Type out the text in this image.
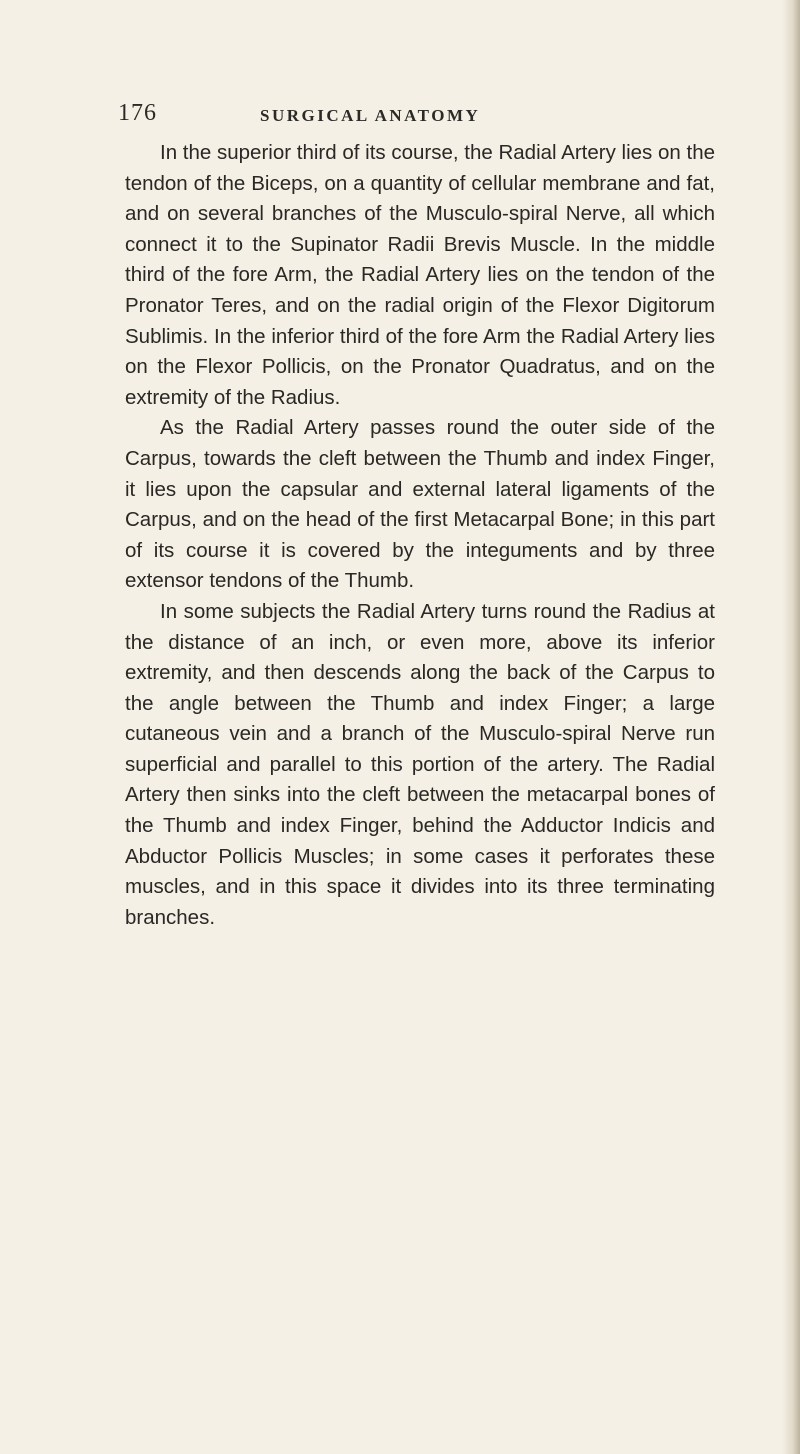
176	SURGICAL ANATOMY

In the superior third of its course, the Radial Artery lies on the tendon of the Biceps, on a quantity of cellular membrane and fat, and on several branches of the Musculo-spiral Nerve, all which connect it to the Supinator Radii Brevis Muscle. In the middle third of the fore Arm, the Radial Artery lies on the tendon of the Pronator Teres, and on the radial origin of the Flexor Digitorum Sublimis. In the inferior third of the fore Arm the Radial Artery lies on the Flexor Pollicis, on the Pronator Quadratus, and on the extremity of the Radius.

As the Radial Artery passes round the outer side of the Carpus, towards the cleft between the Thumb and index Finger, it lies upon the capsular and external lateral ligaments of the Carpus, and on the head of the first Metacarpal Bone; in this part of its course it is covered by the integuments and by three extensor tendons of the Thumb.

In some subjects the Radial Artery turns round the Radius at the distance of an inch, or even more, above its inferior extremity, and then descends along the back of the Carpus to the angle between the Thumb and index Finger; a large cutaneous vein and a branch of the Musculo-spiral Nerve run superficial and parallel to this portion of the artery. The Radial Artery then sinks into the cleft between the metacarpal bones of the Thumb and index Finger, behind the Adductor Indicis and Abductor Pollicis Muscles; in some cases it perforates these muscles, and in this space it divides into its three terminating branches.
